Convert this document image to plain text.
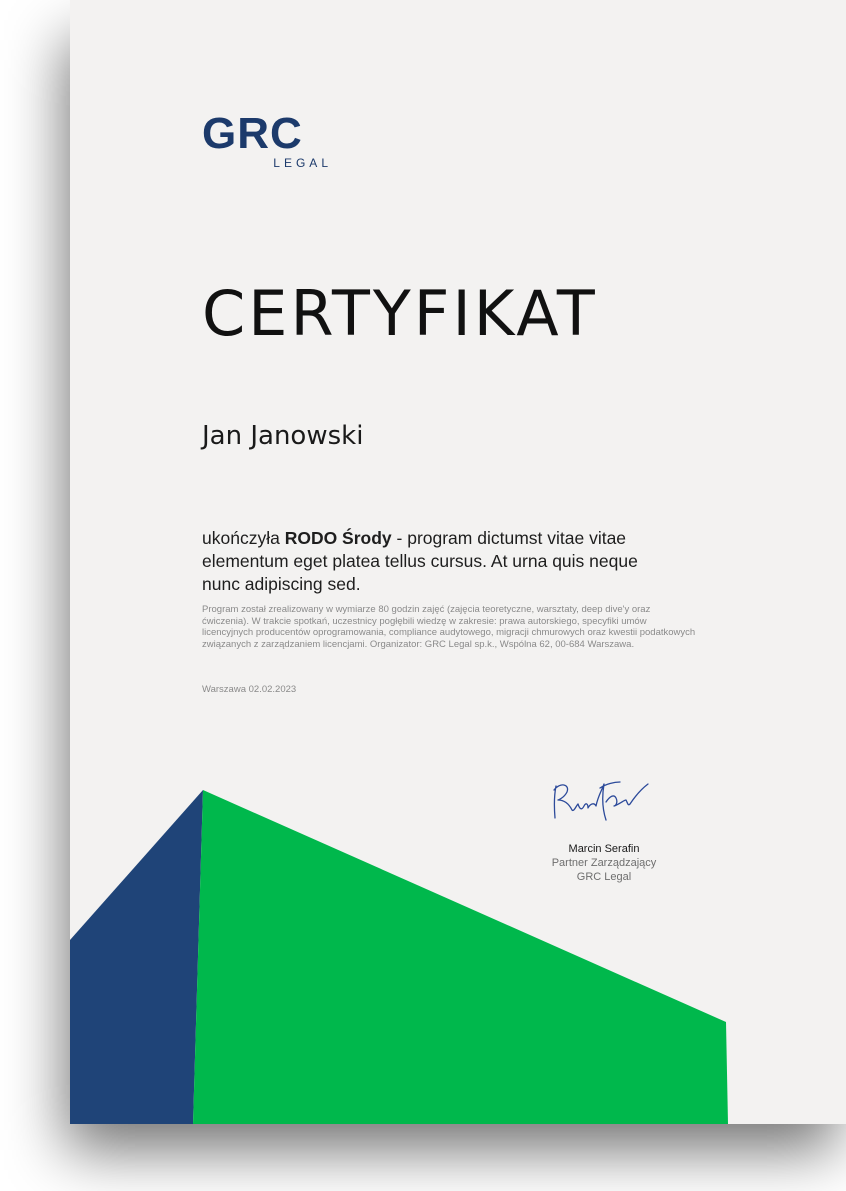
GRC
LEGAL
CERTYFIKAT
Jan Janowski
ukończyła RODO Środy - program dictumst vitae vitae elementum eget platea tellus cursus. At urna quis neque nunc adipiscing sed.
Program został zrealizowany w wymiarze 80 godzin zajęć (zajęcia teoretyczne, warsztaty, deep dive'y oraz ćwiczenia). W trakcie spotkań, uczestnicy pogłębili wiedzę w zakresie: prawa autorskiego, specyfiki umów licencyjnych producentów oprogramowania, compliance audytowego, migracji chmurowych oraz kwestii podatkowych związanych z zarządzaniem licencjami. Organizator: GRC Legal sp.k., Wspólna 62, 00-684 Warszawa.
Warszawa 02.02.2023
Marcin Serafin
Partner Zarządzający
GRC Legal
